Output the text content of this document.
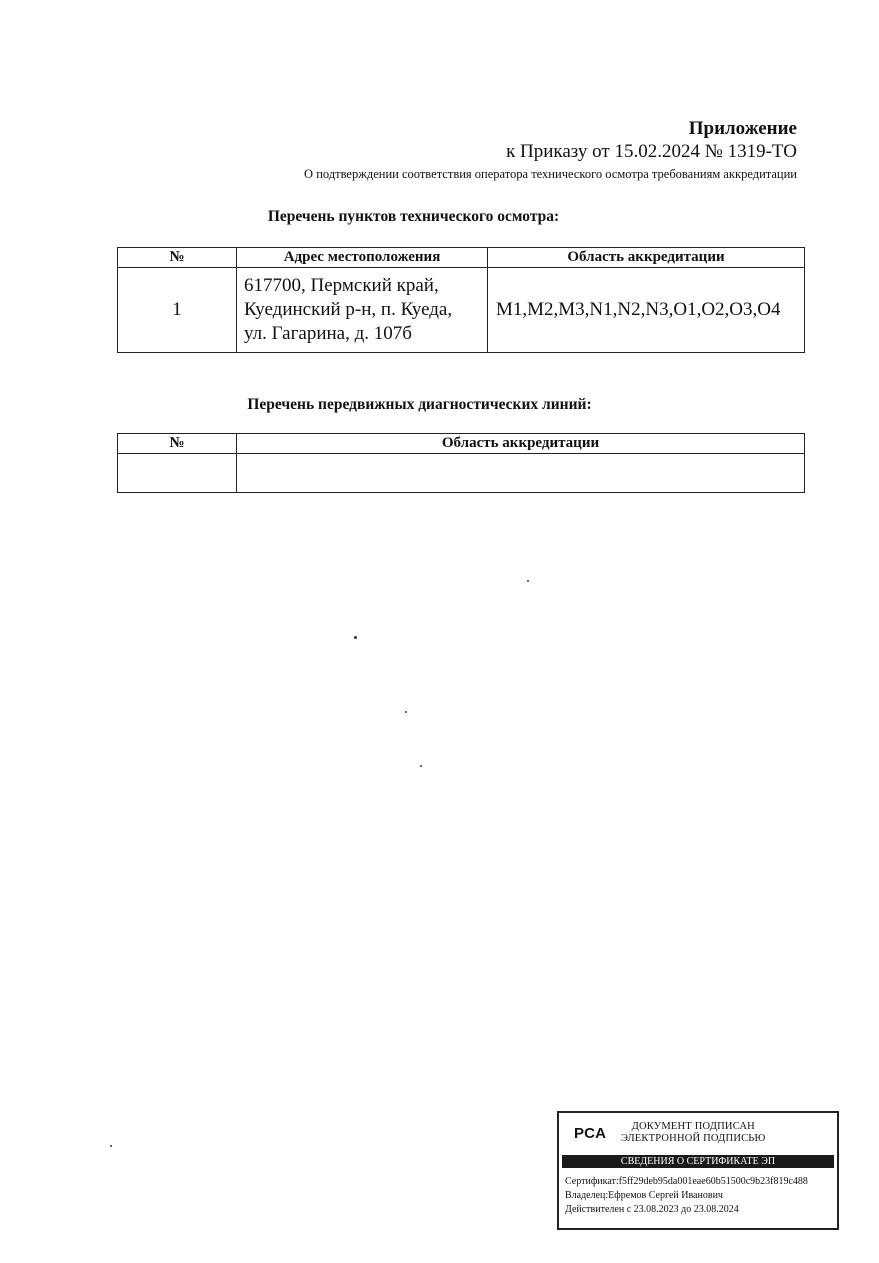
Приложение
к Приказу от 15.02.2024 № 1319-ТО
О подтверждении соответствия оператора технического осмотра требованиям аккредитации
Перечень пунктов технического осмотра:
№	Адрес местоположения	Область аккредитации
1	617700, Пермский край,
Куединский р-н, п. Куеда,
ул. Гагарина, д. 107б	M1,M2,M3,N1,N2,N3,O1,O2,O3,O4
Перечень передвижных диагностических линий:
№	Область аккредитации

РСА	ДОКУМЕНТ ПОДПИСАН
ЭЛЕКТРОННОЙ ПОДПИСЬЮ
СВЕДЕНИЯ О СЕРТИФИКАТЕ ЭП
Сертификат:f5ff29deb95da001eae60b51500c9b23f819c488
Владелец:Ефремов Сергей Иванович
Действителен с 23.08.2023 до 23.08.2024
